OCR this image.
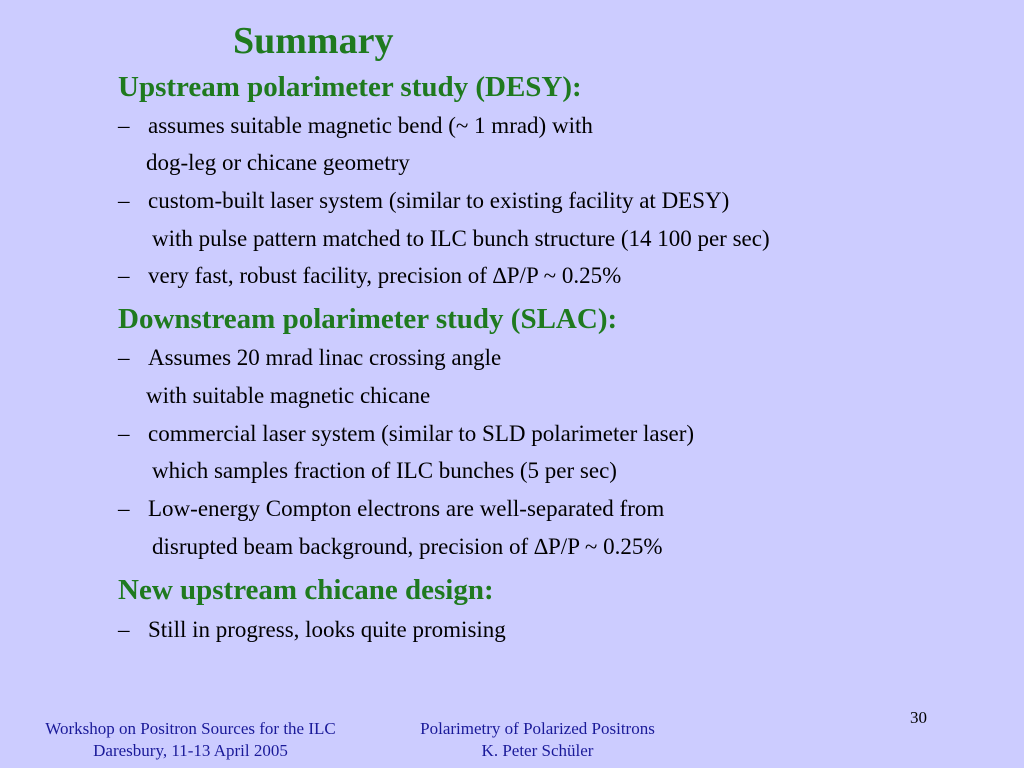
Summary
Upstream polarimeter study (DESY):
– assumes suitable magnetic bend (~ 1 mrad) with
dog-leg or chicane geometry
– custom-built laser system (similar to existing facility at DESY)
with pulse pattern matched to ILC bunch structure (14 100 per sec)
– very fast, robust facility, precision of ∆P/P ~ 0.25%
Downstream polarimeter study (SLAC):
– Assumes 20 mrad linac crossing angle
with suitable magnetic chicane
– commercial laser system (similar to SLD polarimeter laser)
which samples fraction of ILC bunches (5 per sec)
– Low-energy Compton electrons are well-separated from
disrupted beam background, precision of ∆P/P ~ 0.25%
New upstream chicane design:
– Still in progress, looks quite promising
30
Workshop on Positron Sources for the ILC
Daresbury, 11-13 April 2005
Polarimetry of Polarized Positrons
K. Peter Schüler
